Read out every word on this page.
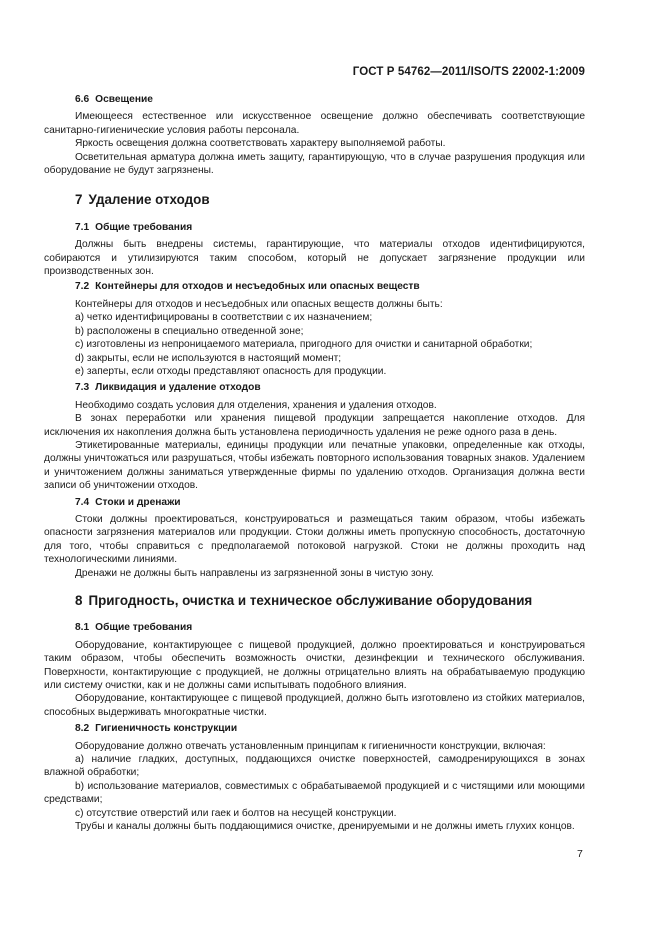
ГОСТ Р 54762—2011/ISO/TS 22002-1:2009
6.6 Освещение

Имеющееся естественное или искусственное освещение должно обеспечивать соответствующие санитарно-гигиенические условия работы персонала.

Яркость освещения должна соответствовать характеру выполняемой работы.

Осветительная арматура должна иметь защиту, гарантирующую, что в случае разрушения продукция или оборудование не будут загрязнены.

7 Удаление отходов
7.1 Общие требования

Должны быть внедрены системы, гарантирующие, что материалы отходов идентифицируются, собираются и утилизируются таким способом, который не допускает загрязнение продукции или производственных зон.

7.2 Контейнеры для отходов и несъедобных или опасных веществ

Контейнеры для отходов и несъедобных или опасных веществ должны быть:

a) четко идентифицированы в соответствии с их назначением;

b) расположены в специально отведенной зоне;

c) изготовлены из непроницаемого материала, пригодного для очистки и санитарной обработки;

d) закрыты, если не используются в настоящий момент;

e) заперты, если отходы представляют опасность для продукции.

7.3 Ликвидация и удаление отходов

Необходимо создать условия для отделения, хранения и удаления отходов.

В зонах переработки или хранения пищевой продукции запрещается накопление отходов. Для исключения их накопления должна быть установлена периодичность удаления не реже одного раза в день.

Этикетированные материалы, единицы продукции или печатные упаковки, определенные как отходы, должны уничтожаться или разрушаться, чтобы избежать повторного использования товарных знаков. Удалением и уничтожением должны заниматься утвержденные фирмы по удалению отходов. Организация должна вести записи об уничтожении отходов.

7.4 Стоки и дренажи

Стоки должны проектироваться, конструироваться и размещаться таким образом, чтобы избежать опасности загрязнения материалов или продукции. Стоки должны иметь пропускную способность, достаточную для того, чтобы справиться с предполагаемой потоковой нагрузкой. Стоки не должны проходить над технологическими линиями.

Дренажи не должны быть направлены из загрязненной зоны в чистую зону.

8 Пригодность, очистка и техническое обслуживание оборудования
8.1 Общие требования

Оборудование, контактирующее с пищевой продукцией, должно проектироваться и конструироваться таким образом, чтобы обеспечить возможность очистки, дезинфекции и технического обслуживания. Поверхности, контактирующие с продукцией, не должны отрицательно влиять на обрабатываемую продукцию или систему очистки, как и не должны сами испытывать подобного влияния.

Оборудование, контактирующее с пищевой продукцией, должно быть изготовлено из стойких материалов, способных выдерживать многократные чистки.

8.2 Гигиеничность конструкции

Оборудование должно отвечать установленным принципам к гигиеничности конструкции, включая:

a) наличие гладких, доступных, поддающихся очистке поверхностей, самодренирующихся в зонах влажной обработки;

b) использование материалов, совместимых с обрабатываемой продукцией и с чистящими или моющими средствами;

c) отсутствие отверстий или гаек и болтов на несущей конструкции.

Трубы и каналы должны быть поддающимися очистке, дренируемыми и не должны иметь глухих концов.

7
